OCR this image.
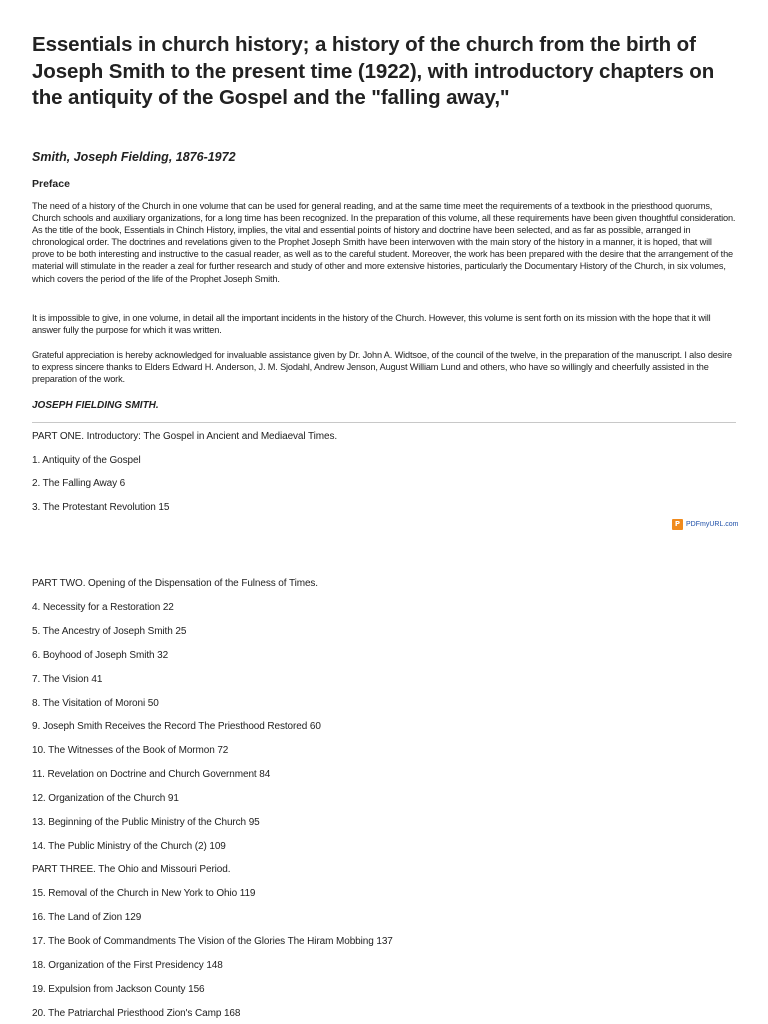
Essentials in church history; a history of the church from the birth of Joseph Smith to the present time (1922), with introductory chapters on the antiquity of the Gospel and the "falling away,"
Smith, Joseph Fielding, 1876-1972
Preface

The need of a history of the Church in one volume that can be used for general reading, and at the same time meet the requirements of a textbook in the priesthood quorums, Church schools and auxiliary organizations, for a long time has been recognized. In the preparation of this volume, all these requirements have been given thoughtful consideration. As the title of the book, Essentials in Chinch History, implies, the vital and essential points of history and doctrine have been selected, and as far as possible, arranged in chronological order. The doctrines and revelations given to the Prophet Joseph Smith have been interwoven with the main story of the history in a manner, it is hoped, that will prove to be both interesting and instructive to the casual reader, as well as to the careful student. Moreover, the work has been prepared with the desire that the arrangement of the material will stimulate in the reader a zeal for further research and study of other and more extensive histories, particularly the Documentary History of the Church, in six volumes, which covers the period of the life of the Prophet Joseph Smith.

It is impossible to give, in one volume, in detail all the important incidents in the history of the Church. However, this volume is sent forth on its mission with the hope that it will answer fully the purpose for which it was written.

Grateful appreciation is hereby acknowledged for invaluable assistance given by Dr. John A. Widtsoe, of the council of the twelve, in the preparation of the manuscript. I also desire to express sincere thanks to Elders Edward H. Anderson, J. M. Sjodahl, Andrew Jenson, August William Lund and others, who have so willingly and cheerfully assisted in the preparation of the work.

JOSEPH FIELDING SMITH.
PART ONE. Introductory: The Gospel in Ancient and Mediaeval Times.
1. Antiquity of the Gospel
2. The Falling Away 6
3. The Protestant Revolution 15
P PDFmyURL.com
PART TWO. Opening of the Dispensation of the Fulness of Times.
4. Necessity for a Restoration 22
5. The Ancestry of Joseph Smith 25
6. Boyhood of Joseph Smith 32
7. The Vision 41
8. The Visitation of Moroni 50
9. Joseph Smith Receives the Record The Priesthood Restored 60
10. The Witnesses of the Book of Mormon 72
11. Revelation on Doctrine and Church Government 84
12. Organization of the Church 91
13. Beginning of the Public Ministry of the Church 95
14. The Public Ministry of the Church (2) 109
PART THREE. The Ohio and Missouri Period.
15. Removal of the Church in New York to Ohio 119
16. The Land of Zion 129
17. The Book of Commandments The Vision of the Glories The Hiram Mobbing 137
18. Organization of the First Presidency 148
19. Expulsion from Jackson County 156
20. The Patriarchal Priesthood Zion's Camp 168
